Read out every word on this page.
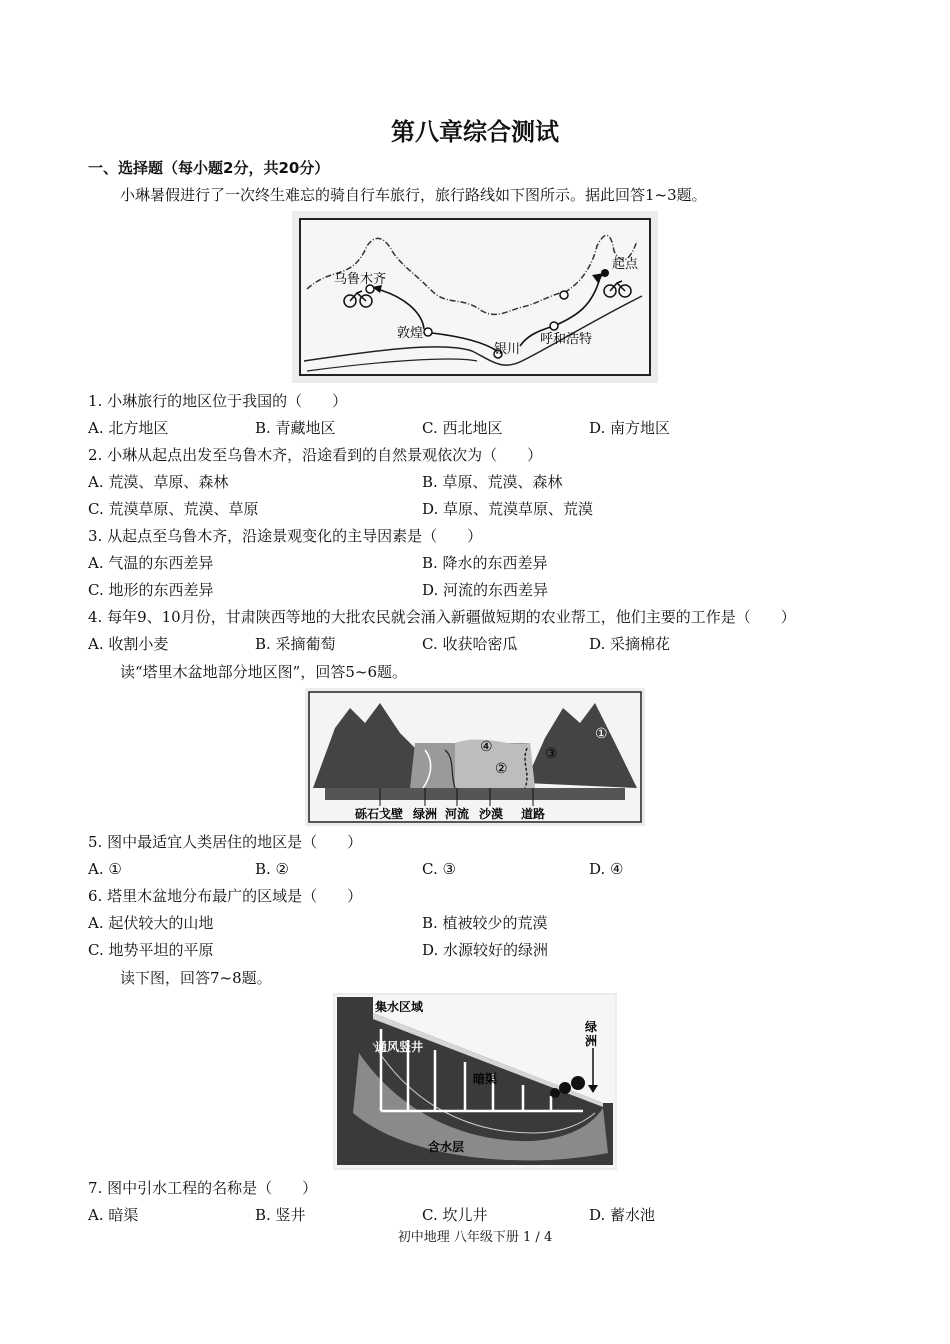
第八章综合测试
一、选择题（每小题2分，共20分）
小琳暑假进行了一次终生难忘的骑自行车旅行，旅行路线如下图所示。据此回答1~3题。
乌鲁木齐
起点
敦煌
银川
呼和浩特
1. 小琳旅行的地区位于我国的（　　）
A. 北方地区	B. 青藏地区	C. 西北地区	D. 南方地区
2. 小琳从起点出发至乌鲁木齐，沿途看到的自然景观依次为（　　）
A. 荒漠、草原、森林	B. 草原、荒漠、森林
C. 荒漠草原、荒漠、草原	D. 草原、荒漠草原、荒漠
3. 从起点至乌鲁木齐，沿途景观变化的主导因素是（　　）
A. 气温的东西差异	B. 降水的东西差异
C. 地形的东西差异	D. 河流的东西差异
4. 每年9、10月份，甘肃陕西等地的大批农民就会涌入新疆做短期的农业帮工，他们主要的工作是（　　）
A. 收割小麦	B. 采摘葡萄	C. 收获哈密瓜	D. 采摘棉花
读“塔里木盆地部分地区图”，回答5~6题。
①
②
③
④
砾石戈壁 绿洲 河流 沙漠 道路
5. 图中最适宜人类居住的地区是（　　）
A. ①	B. ②	C. ③	D. ④
6. 塔里木盆地分布最广的区域是（　　）
A. 起伏较大的山地	B. 植被较少的荒漠
C. 地势平坦的平原	D. 水源较好的绿洲
读下图，回答7~8题。
集水区域
通风竖井
暗渠
绿
洲
含水层
7. 图中引水工程的名称是（　　）
A. 暗渠	B. 竖井	C. 坎儿井	D. 蓄水池
初中地理 八年级下册 1 / 4
